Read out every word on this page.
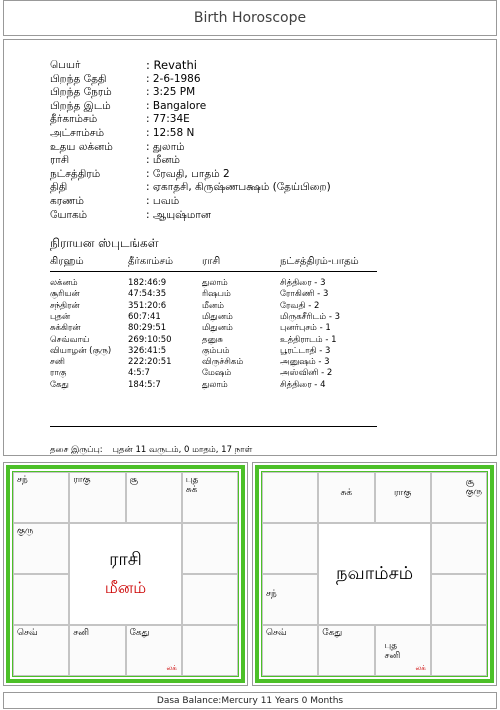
Birth Horoscope
பெயர்	: Revathi
பிறந்த தேதி	: 2-6-1986
பிறந்த நேரம்	: 3:25 PM
பிறந்த இடம்	: Bangalore
தீர்காம்சம்	: 77:34E
அட்சாம்சம்	: 12:58 N
உதய லக்னம்	: துலாம்
ராசி	: மீனம்
நட்சத்திரம்	: ரேவதி, பாதம் 2
திதி	: ஏகாதசி, கிருஷ்ணபக்ஷம் (தேய்பிறை)
கரணம்	: பவம்
யோகம்	: ஆயுஷ்மான
நிராயன ஸ்புடங்கள்
கிரஹம்	தீர்காம்சம்	ராசி	நட்சத்திரம்-பாதம்
லக்னம்	182:46:9	துலாம்	சித்திரை - 3
சூரியன்	47:54:35	ரிஷபம்	ரோகிணி - 3
சந்திரன்	351:20:6	மீனம்	ரேவதி - 2
புதன்	60:7:41	மிதுனம்	மிருகசீரிடம் - 3
சுக்கிரன்	80:29:51	மிதுனம்	புனர்புசம் - 1
செவ்வாய்	269:10:50	தனுசு	உத்திராடம் - 1
வியாழன் (குரு) 326:41:5	கும்பம்	பூரட்டாதி - 3
சனி	222:20:51	விருச்சிகம்	அனுஷம் - 3
ராகு	4:5:7	மேஷம்	அஸ்வினி - 2
கேது	184:5:7	துலாம்	சித்திரை - 4
தசை இருப்பு: புதன் 11 வருடம், 0 மாதம், 17 நாள்
சந்	ராகு	சூ	புத
சுக்
குரு
செவ்	சனி	கேது
லக்
ராசி
மீனம்
சுக்	ராகு
சூ
குரு
சந்
செவ்	கேது
புத
சனி
லக்
நவாம்சம்
Dasa Balance:Mercury 11 Years 0 Months
